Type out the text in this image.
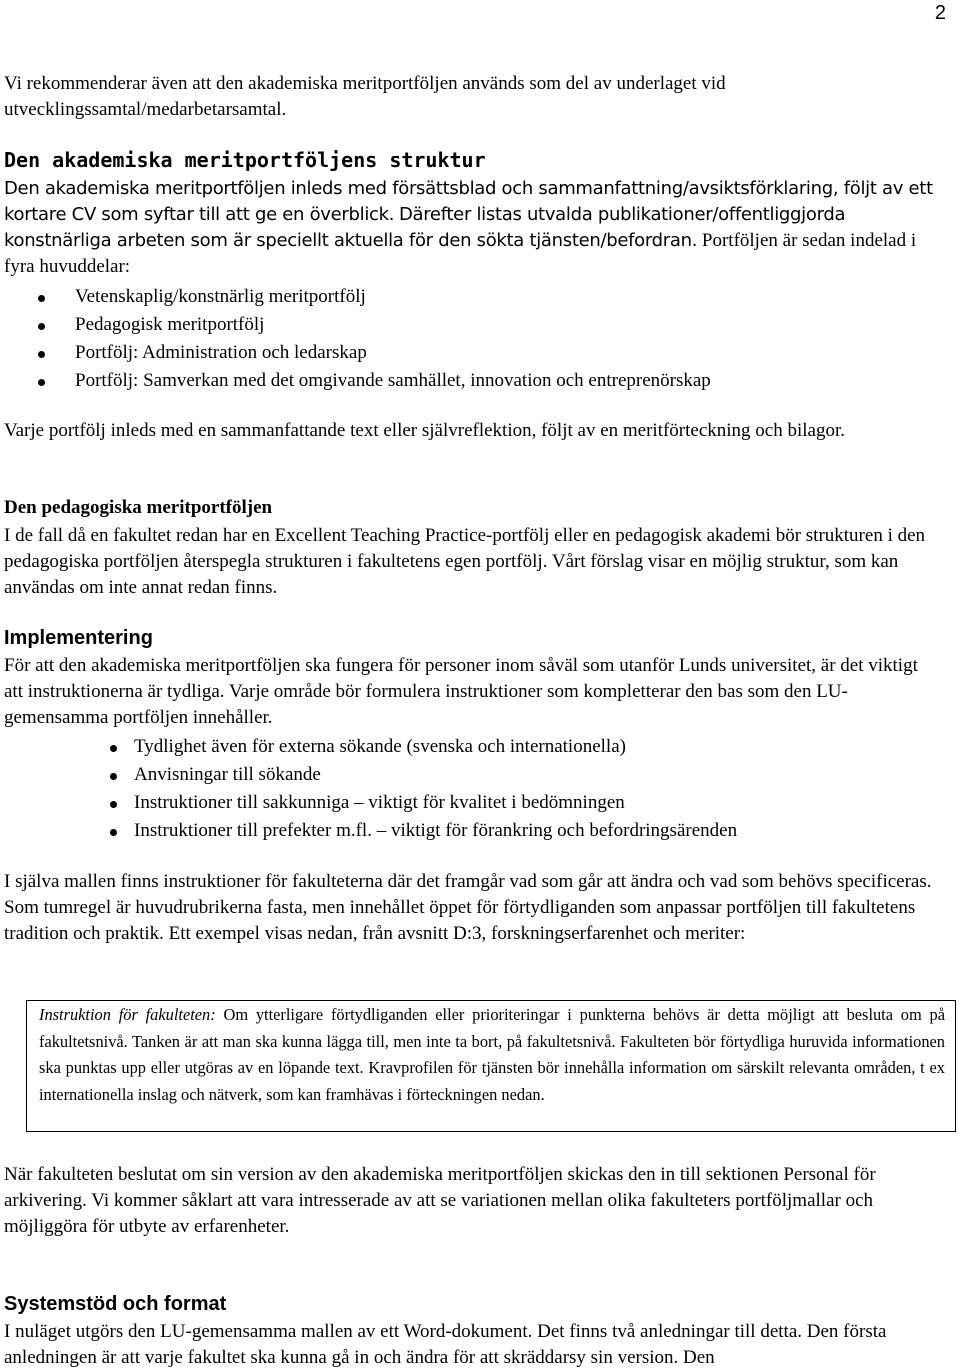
2

Vi rekommenderar även att den akademiska meritportföljen används som del av underlaget vid utvecklingssamtal/medarbetarsamtal.

Den akademiska meritportföljens struktur

Den akademiska meritportföljen inleds med försättsblad och sammanfattning/avsiktsförklaring, följt av ett kortare CV som syftar till att ge en överblick. Därefter listas utvalda publikationer/offentliggjorda konstnärliga arbeten som är speciellt aktuella för den sökta tjänsten/befordran. Portföljen är sedan indelad i fyra huvuddelar:

Vetenskaplig/konstnärlig meritportfölj
Pedagogisk meritportfölj
Portfölj: Administration och ledarskap
Portfölj: Samverkan med det omgivande samhället, innovation och entreprenörskap

Varje portfölj inleds med en sammanfattande text eller självreflektion, följt av en meritförteckning och bilagor.

Den pedagogiska meritportföljen

I de fall då en fakultet redan har en Excellent Teaching Practice-portfölj eller en pedagogisk akademi bör strukturen i den pedagogiska portföljen återspegla strukturen i fakultetens egen portfölj. Vårt förslag visar en möjlig struktur, som kan användas om inte annat redan finns.

Implementering

För att den akademiska meritportföljen ska fungera för personer inom såväl som utanför Lunds universitet, är det viktigt att instruktionerna är tydliga. Varje område bör formulera instruktioner som kompletterar den bas som den LU-gemensamma portföljen innehåller.

Tydlighet även för externa sökande (svenska och internationella)
Anvisningar till sökande
Instruktioner till sakkunniga – viktigt för kvalitet i bedömningen
Instruktioner till prefekter m.fl. – viktigt för förankring och befordringsärenden

I själva mallen finns instruktioner för fakulteterna där det framgår vad som går att ändra och vad som behövs specificeras. Som tumregel är huvudrubrikerna fasta, men innehållet öppet för förtydliganden som anpassar portföljen till fakultetens tradition och praktik. Ett exempel visas nedan, från avsnitt D:3, forskningserfarenhet och meriter:

Instruktion för fakulteten: Om ytterligare förtydliganden eller prioriteringar i punkterna behövs är detta möjligt att besluta om på fakultetsnivå. Tanken är att man ska kunna lägga till, men inte ta bort, på fakultetsnivå. Fakulteten bör förtydliga huruvida informationen ska punktas upp eller utgöras av en löpande text. Kravprofilen för tjänsten bör innehålla information om särskilt relevanta områden, t ex internationella inslag och nätverk, som kan framhävas i förteckningen nedan.

När fakulteten beslutat om sin version av den akademiska meritportföljen skickas den in till sektionen Personal för arkivering. Vi kommer såklart att vara intresserade av att se variationen mellan olika fakulteters portföljmallar och möjliggöra för utbyte av erfarenheter.

Systemstöd och format

I nuläget utgörs den LU-gemensamma mallen av ett Word-dokument. Det finns två anledningar till detta. Den första anledningen är att varje fakultet ska kunna gå in och ändra för att skräddarsy sin version. Den
